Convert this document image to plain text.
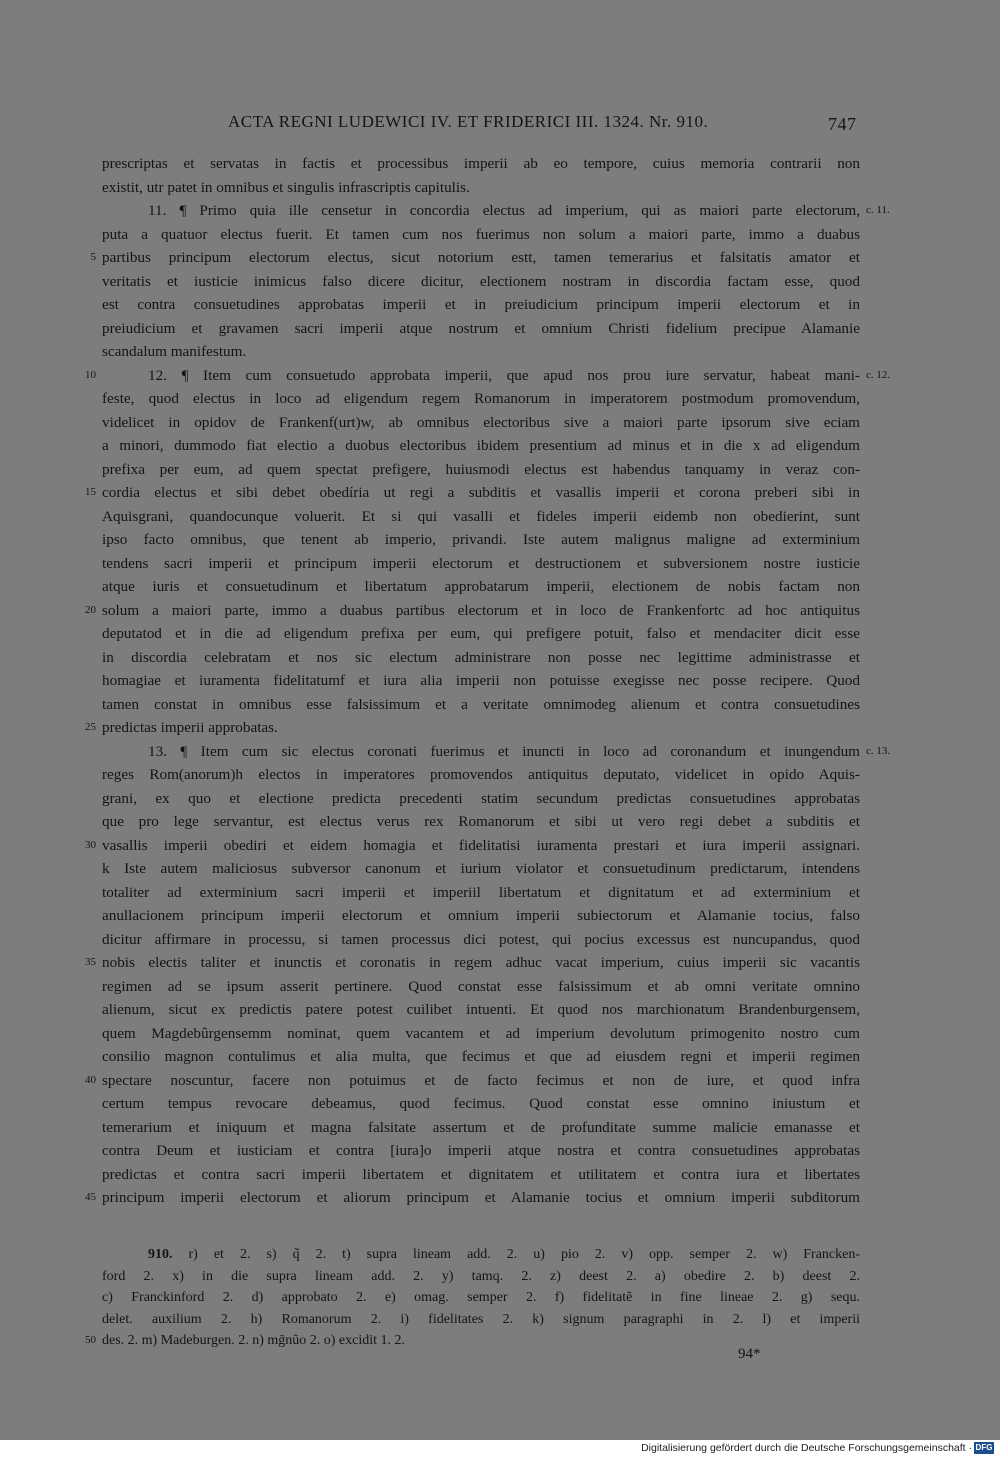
ACTA REGNI LUDEWICI IV. ET FRIDERICI III. 1324. Nr. 910.	747
prescriptas et servatas in factis et processibus imperii ab eo tempore, cuius memoria contrarii non
existit, utr patet in omnibus et singulis infrascriptis capitulis.
11. ¶ Primo quia ille censetur in concordia electus ad imperium, qui as maiori parte electorum, c. 11.
puta a quatuor electus fuerit. Et tamen cum nos fuerimus non solum a maiori parte, immo a duabus
5 partibus principum electorum electus, sicut notorium estt, tamen temerarius et falsitatis amator et
veritatis et iusticie inimicus falso dicere dicitur, electionem nostram in discordia factam esse, quod
est contra consuetudines approbatas imperii et in preiudicium principum imperii electorum et in
preiudicium et gravamen sacri imperii atque nostrum et omnium Christi fidelium precipue Alamanie
scandalum manifestum.
10	12. ¶ Item cum consuetudo approbata imperii, que apud nos prou iure servatur, habeat mani- c. 12.
feste, quod electus in loco ad eligendum regem Romanorum in imperatorem postmodum promovendum,
videlicet in opidov de Frankenf(urt)w, ab omnibus electoribus sive a maiori parte ipsorum sive eciam
a minori, dummodo fiat electio a duobus electoribus ibidem presentium ad minus et in die x ad eligendum
prefixa per eum, ad quem spectat prefigere, huiusmodi electus est habendus tanquamy in veraz con-
15 cordia electus et sibi debet obedíria ut regi a subditis et vasallis imperii et corona preberi sibi in
Aquisgrani, quandocunque voluerit. Et si qui vasalli et fideles imperii eidemb non obedierint, sunt
ipso facto omnibus, que tenent ab imperio, privandi. Iste autem malignus maligne ad exterminium
tendens sacri imperii et principum imperii electorum et destructionem et subversionem nostre iusticie
atque iuris et consuetudinum et libertatum approbatarum imperii, electionem de nobis factam non
20 solum a maiori parte, immo a duabus partibus electorum et in loco de Frankenfortc ad hoc antiquitus
deputatod et in die ad eligendum prefixa per eum, qui prefigere potuit, falso et mendaciter dicit esse
in discordia celebratam et nos sic electum administrare non posse nec legittime administrasse et
homagiae et iuramenta fidelitatumf et iura alia imperii non potuisse exegisse nec posse recipere. Quod
tamen constat in omnibus esse falsissimum et a veritate omnimodeg alienum et contra consuetudines
25 predictas imperii approbatas.
13. ¶ Item cum sic electus coronati fuerimus et inuncti in loco ad coronandum et inungendum c. 13.
reges Rom(anorum)h electos in imperatores promovendos antiquitus deputato, videlicet in opido Aquis-
grani, ex quo et electione predicta precedenti statim secundum predictas consuetudines approbatas
que pro lege servantur, est electus verus rex Romanorum et sibi ut vero regi debet a subditis et
30 vasallis imperii obediri et eidem homagia et fidelitatisi iuramenta prestari et iura imperii assignari.
k Iste autem maliciosus subversor canonum et iurium violator et consuetudinum predictarum, intendens
totaliter ad exterminium sacri imperii et imperiil libertatum et dignitatum et ad exterminium et
anullacionem principum imperii electorum et omnium imperii subiectorum et Alamanie tocius, falso
dicitur affirmare in processu, si tamen processus dici potest, qui pocius excessus est nuncupandus, quod
35 nobis electis taliter et inunctis et coronatis in regem adhuc vacat imperium, cuius imperii sic vacantis
regimen ad se ipsum asserit pertinere. Quod constat esse falsissimum et ab omni veritate omnino
alienum, sicut ex predictis patere potest cuilibet intuenti. Et quod nos marchionatum Brandenburgensem,
quem Magdebûrgensemm nominat, quem vacantem et ad imperium devolutum primogenito nostro cum
consilio magnon contulimus et alia multa, que fecimus et que ad eiusdem regni et imperii regimen
40 spectare noscuntur, facere non potuimus et de facto fecimus et non de iure, et quod infra
certum tempus revocare debeamus, quod fecimus. Quod constat esse omnino iniustum et
temerarium et iniquum et magna falsitate assertum et de profunditate summe malicie emanasse et
contra Deum et iusticiam et contra [iura]o imperii atque nostra et contra consuetudines approbatas
predictas et contra sacri imperii libertatem et dignitatem et utilitatem et contra iura et libertates
45 principum imperii electorum et aliorum principum et Alamanie tocius et omnium imperii subditorum
910. r) et 2. s) q̃ 2. t) supra lineam add. 2. u) pio 2. v) opp. semper 2. w) Francken-
ford 2. x) in die supra lineam add. 2. y) tamq. 2. z) deest 2. a) obedire 2. b) deest 2.
c) Franckinford 2. d) approbato 2. e) omag. semper 2. f) fidelitatẽ in fine lineae 2. g) sequ.
delet. auxilium 2. h) Romanorum 2. i) fidelitates 2. k) signum paragraphi in 2. l) et imperii
50 des. 2. m) Madeburgen. 2. n) mḡnũo 2. o) excidit 1. 2.
94*
Digitalisierung gefördert durch die Deutsche Forschungsgemeinschaft · DFG
